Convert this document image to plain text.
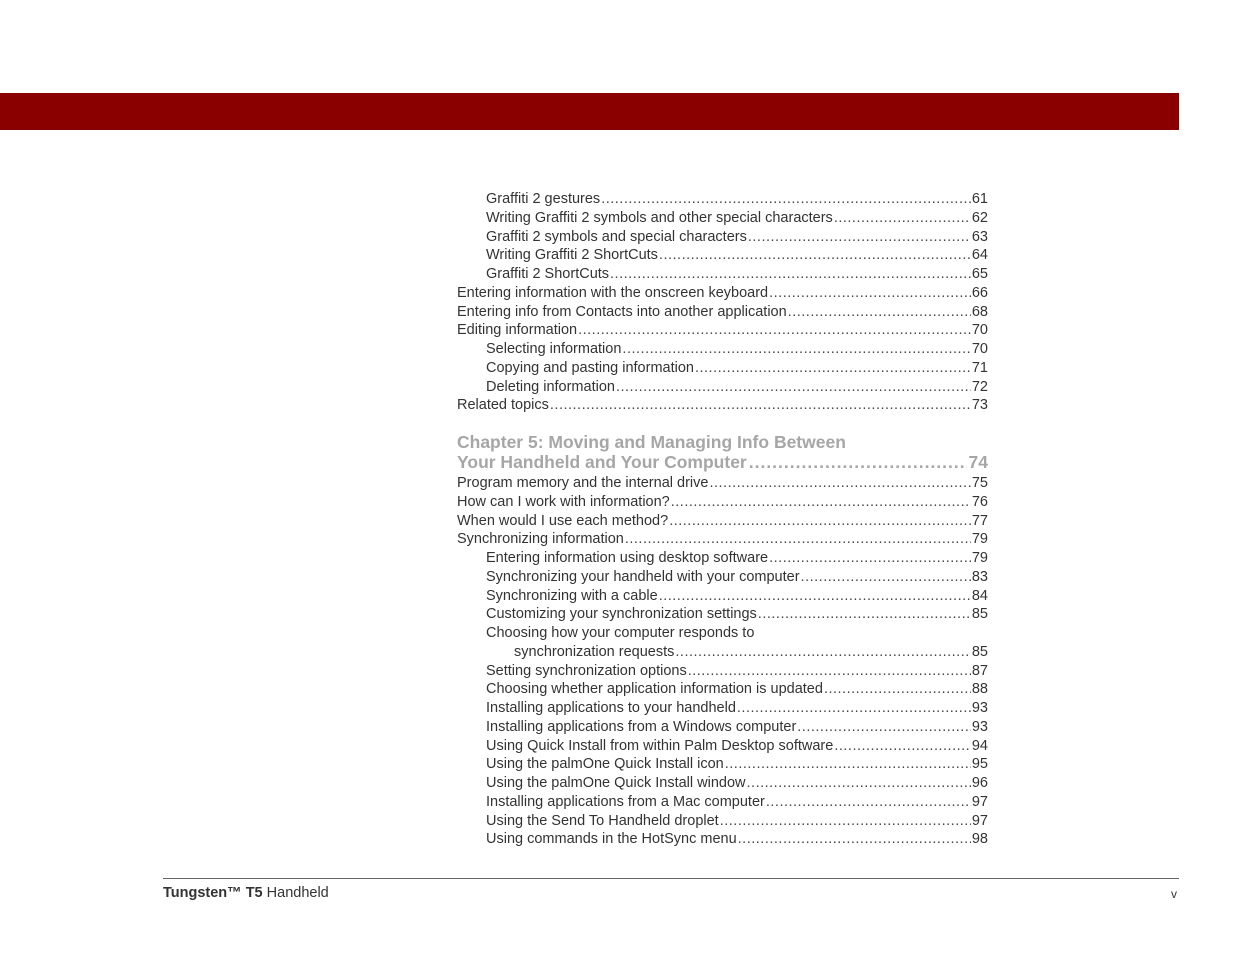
Graffiti 2 gestures .....	61
Writing Graffiti 2 symbols and other special characters .....	62
Graffiti 2 symbols and special characters .....	63
Writing Graffiti 2 ShortCuts .....	64
Graffiti 2 ShortCuts .....	65
Entering information with the onscreen keyboard .....	66
Entering info from Contacts into another application .....	68
Editing information .....	70
Selecting information .....	70
Copying and pasting information .....	71
Deleting information .....	72
Related topics .....	73
Chapter 5: Moving and Managing Info Between
Your Handheld and Your Computer .....	74
Program memory and the internal drive .....	75
How can I work with information? .....	76
When would I use each method? .....	77
Synchronizing information .....	79
Entering information using desktop software .....	79
Synchronizing your handheld with your computer .....	83
Synchronizing with a cable .....	84
Customizing your synchronization settings .....	85
Choosing how your computer responds to
synchronization requests .....	85
Setting synchronization options .....	87
Choosing whether application information is updated .....	88
Installing applications to your handheld .....	93
Installing applications from a Windows computer .....	93
Using Quick Install from within Palm Desktop software .....	94
Using the palmOne Quick Install icon .....	95
Using the palmOne Quick Install window .....	96
Installing applications from a Mac computer .....	97
Using the Send To Handheld droplet .....	97
Using commands in the HotSync menu .....	98
Tungsten™ T5 Handheld	v
